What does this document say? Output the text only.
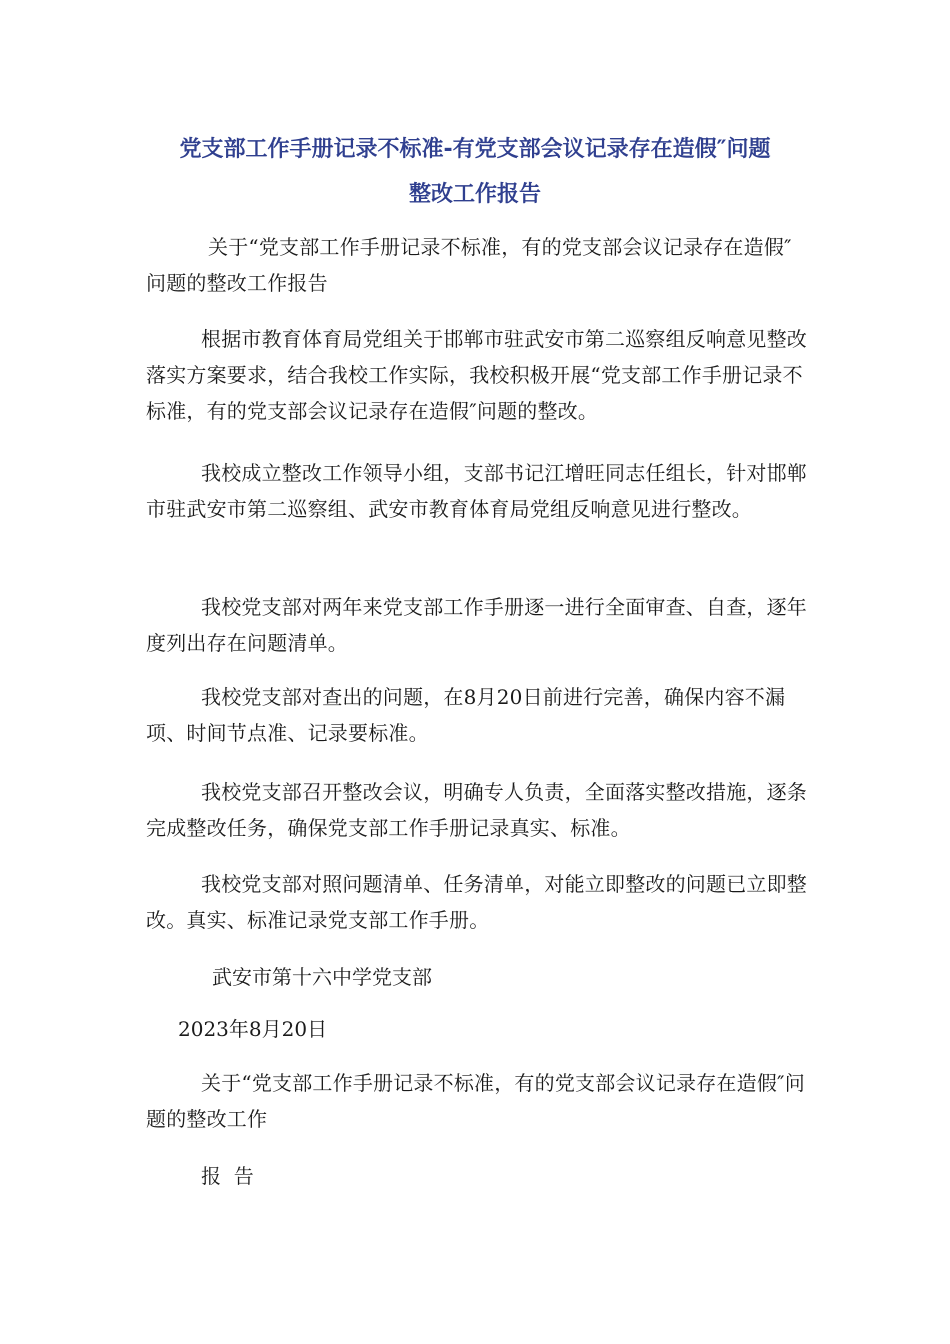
党支部工作手册记录不标准-有党支部会议记录存在造假″问题
整改工作报告

关于“党支部工作手册记录不标准，有的党支部会议记录存在造假″问题的整改工作报告

根据市教育体育局党组关于邯郸市驻武安市第二巡察组反响意见整改落实方案要求，结合我校工作实际，我校积极开展“党支部工作手册记录不标准，有的党支部会议记录存在造假″问题的整改。

我校成立整改工作领导小组，支部书记江增旺同志任组长，针对邯郸市驻武安市第二巡察组、武安市教育体育局党组反响意见进行整改。

我校党支部对两年来党支部工作手册逐一进行全面审查、自查，逐年度列出存在问题清单。

我校党支部对查出的问题，在8月20日前进行完善，确保内容不漏项、时间节点准、记录要标准。

我校党支部召开整改会议，明确专人负责，全面落实整改措施，逐条完成整改任务，确保党支部工作手册记录真实、标准。

我校党支部对照问题清单、任务清单，对能立即整改的问题已立即整改。真实、标准记录党支部工作手册。

武安市第十六中学党支部
2023年8月20日

关于“党支部工作手册记录不标准，有的党支部会议记录存在造假″问题的整改工作

报  告
